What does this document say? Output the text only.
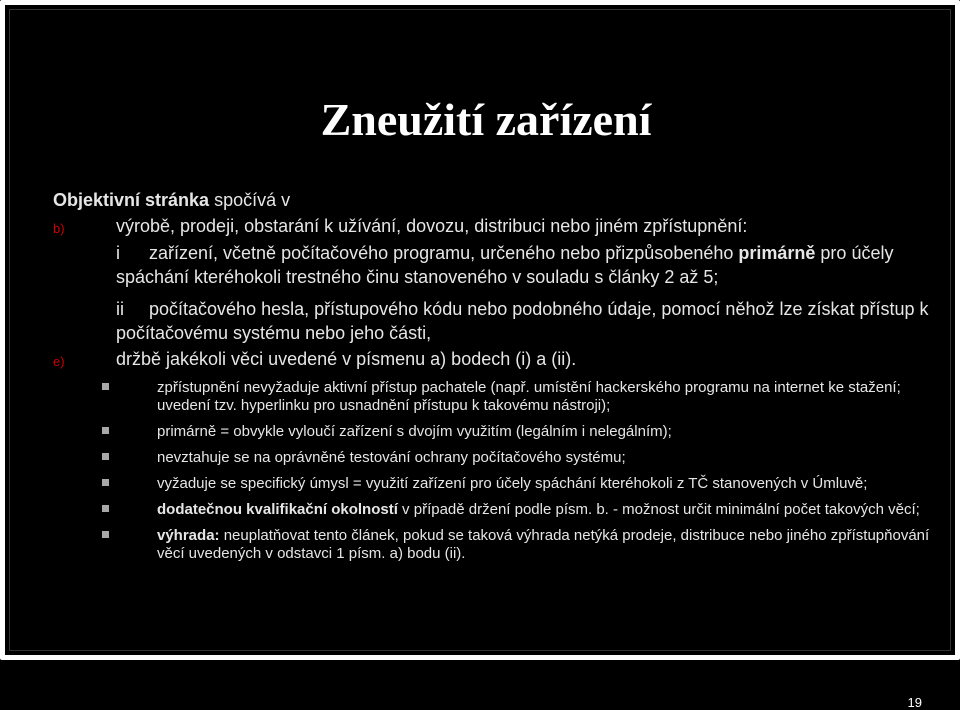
Zneužití zařízení
Objektivní stránka spočívá v
b)	výrobě, prodeji, obstarání k užívání, dovozu, distribuci nebo jiném zpřístupnění:
i zařízení, včetně počítačového programu, určeného nebo přizpůsobeného primárně pro účely spáchání kteréhokoli trestného činu stanoveného v souladu s články 2 až 5;
ii počítačového hesla, přístupového kódu nebo podobného údaje, pomocí něhož lze získat přístup k počítačovému systému nebo jeho části,
e)	držbě jakékoli věci uvedené v písmenu a) bodech (i) a (ii).
zpřístupnění nevyžaduje aktivní přístup pachatele (např. umístění hackerského programu na internet ke stažení; uvedení tzv. hyperlinku pro usnadnění přístupu k takovému nástroji);
primárně = obvykle vyloučí zařízení s dvojím využitím (legálním i nelegálním);
nevztahuje se na oprávněné testování ochrany počítačového systému;
vyžaduje se specifický úmysl = využití zařízení pro účely spáchání kteréhokoli z TČ stanovených v Úmluvě;
dodatečnou kvalifikační okolností v případě držení podle písm. b. - možnost určit minimální počet takových věcí;
výhrada: neuplatňovat tento článek, pokud se taková výhrada netýká prodeje, distribuce nebo jiného zpřístupňování věcí uvedených v odstavci 1 písm. a) bodu (ii).
19
